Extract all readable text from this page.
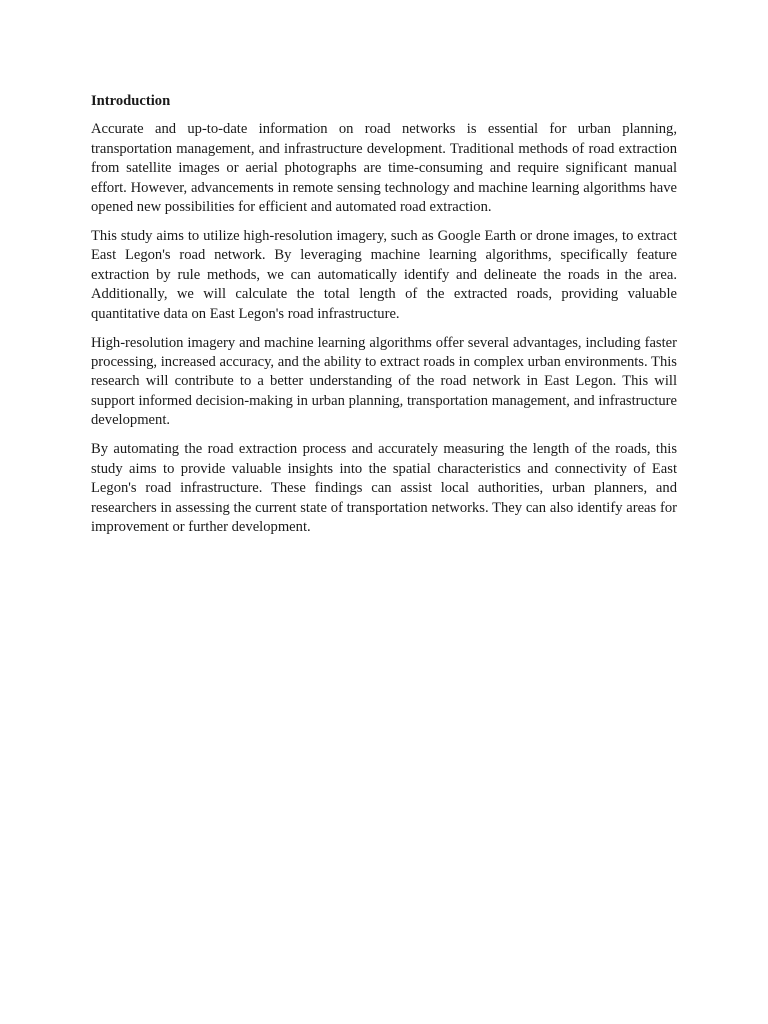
Introduction

Accurate and up-to-date information on road networks is essential for urban planning, transportation management, and infrastructure development. Traditional methods of road extraction from satellite images or aerial photographs are time-consuming and require significant manual effort. However, advancements in remote sensing technology and machine learning algorithms have opened new possibilities for efficient and automated road extraction.

This study aims to utilize high-resolution imagery, such as Google Earth or drone images, to extract East Legon's road network. By leveraging machine learning algorithms, specifically feature extraction by rule methods, we can automatically identify and delineate the roads in the area. Additionally, we will calculate the total length of the extracted roads, providing valuable quantitative data on East Legon's road infrastructure.

High-resolution imagery and machine learning algorithms offer several advantages, including faster processing, increased accuracy, and the ability to extract roads in complex urban environments. This research will contribute to a better understanding of the road network in East Legon. This will support informed decision-making in urban planning, transportation management, and infrastructure development.

By automating the road extraction process and accurately measuring the length of the roads, this study aims to provide valuable insights into the spatial characteristics and connectivity of East Legon's road infrastructure. These findings can assist local authorities, urban planners, and researchers in assessing the current state of transportation networks. They can also identify areas for improvement or further development.
